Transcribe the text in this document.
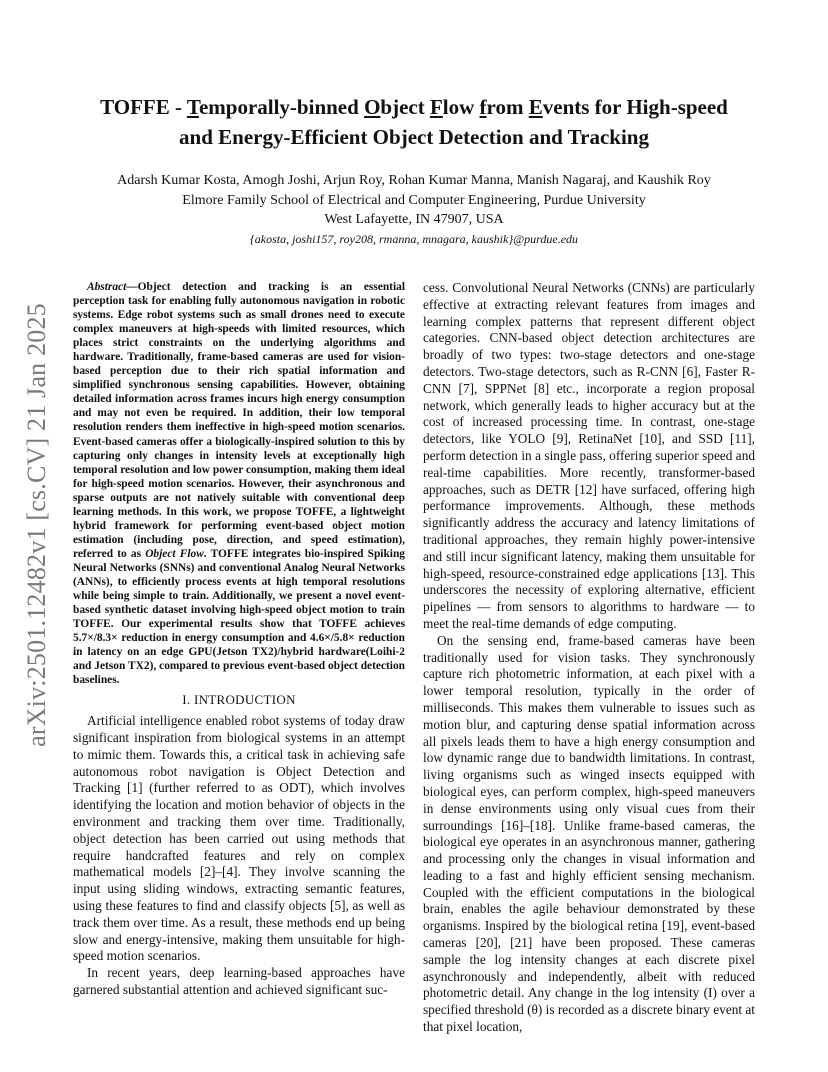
arXiv:2501.12482v1 [cs.CV] 21 Jan 2025
TOFFE - Temporally-binned Object Flow from Events for High-speed
and Energy-Efficient Object Detection and Tracking
Adarsh Kumar Kosta, Amogh Joshi, Arjun Roy, Rohan Kumar Manna, Manish Nagaraj, and Kaushik Roy
Elmore Family School of Electrical and Computer Engineering, Purdue University
West Lafayette, IN 47907, USA
{akosta, joshi157, roy208, rmanna, mnagara, kaushik}@purdue.edu

Abstract—Object detection and tracking is an essential perception task for enabling fully autonomous navigation in robotic systems. Edge robot systems such as small drones need to execute complex maneuvers at high-speeds with limited resources, which places strict constraints on the underlying algorithms and hardware. Traditionally, frame-based cameras are used for vision-based perception due to their rich spatial information and simplified synchronous sensing capabilities. However, obtaining detailed information across frames incurs high energy consumption and may not even be required. In addition, their low temporal resolution renders them ineffective in high-speed motion scenarios. Event-based cameras offer a biologically-inspired solution to this by capturing only changes in intensity levels at exceptionally high temporal resolution and low power consumption, making them ideal for high-speed motion scenarios. However, their asynchronous and sparse outputs are not natively suitable with conventional deep learning methods. In this work, we propose TOFFE, a lightweight hybrid framework for performing event-based object motion estimation (including pose, direction, and speed estimation), referred to as Object Flow. TOFFE integrates bio-inspired Spiking Neural Networks (SNNs) and conventional Analog Neural Networks (ANNs), to efficiently process events at high temporal resolutions while being simple to train. Additionally, we present a novel event-based synthetic dataset involving high-speed object motion to train TOFFE. Our experimental results show that TOFFE achieves 5.7×/8.3× reduction in energy consumption and 4.6×/5.8× reduction in latency on an edge GPU(Jetson TX2)/hybrid hardware(Loihi-2 and Jetson TX2), compared to previous event-based object detection baselines.

I. INTRODUCTION

Artificial intelligence enabled robot systems of today draw significant inspiration from biological systems in an attempt to mimic them. Towards this, a critical task in achieving safe autonomous robot navigation is Object Detection and Tracking [1] (further referred to as ODT), which involves identifying the location and motion behavior of objects in the environment and tracking them over time. Traditionally, object detection has been carried out using methods that require handcrafted features and rely on complex mathematical models [2]–[4]. They involve scanning the input using sliding windows, extracting semantic features, using these features to find and classify objects [5], as well as track them over time. As a result, these methods end up being slow and energy-intensive, making them unsuitable for high-speed motion scenarios.

In recent years, deep learning-based approaches have garnered substantial attention and achieved significant suc-

cess. Convolutional Neural Networks (CNNs) are particularly effective at extracting relevant features from images and learning complex patterns that represent different object categories. CNN-based object detection architectures are broadly of two types: two-stage detectors and one-stage detectors. Two-stage detectors, such as R-CNN [6], Faster R-CNN [7], SPPNet [8] etc., incorporate a region proposal network, which generally leads to higher accuracy but at the cost of increased processing time. In contrast, one-stage detectors, like YOLO [9], RetinaNet [10], and SSD [11], perform detection in a single pass, offering superior speed and real-time capabilities. More recently, transformer-based approaches, such as DETR [12] have surfaced, offering high performance improvements. Although, these methods significantly address the accuracy and latency limitations of traditional approaches, they remain highly power-intensive and still incur significant latency, making them unsuitable for high-speed, resource-constrained edge applications [13]. This underscores the necessity of exploring alternative, efficient pipelines — from sensors to algorithms to hardware — to meet the real-time demands of edge computing.

On the sensing end, frame-based cameras have been traditionally used for vision tasks. They synchronously capture rich photometric information, at each pixel with a lower temporal resolution, typically in the order of milliseconds. This makes them vulnerable to issues such as motion blur, and capturing dense spatial information across all pixels leads them to have a high energy consumption and low dynamic range due to bandwidth limitations. In contrast, living organisms such as winged insects equipped with biological eyes, can perform complex, high-speed maneuvers in dense environments using only visual cues from their surroundings [16]–[18]. Unlike frame-based cameras, the biological eye operates in an asynchronous manner, gathering and processing only the changes in visual information and leading to a fast and highly efficient sensing mechanism. Coupled with the efficient computations in the biological brain, enables the agile behaviour demonstrated by these organisms. Inspired by the biological retina [19], event-based cameras [20], [21] have been proposed. These cameras sample the log intensity changes at each discrete pixel asynchronously and independently, albeit with reduced photometric detail. Any change in the log intensity (I) over a specified threshold (θ) is recorded as a discrete binary event at that pixel location,
